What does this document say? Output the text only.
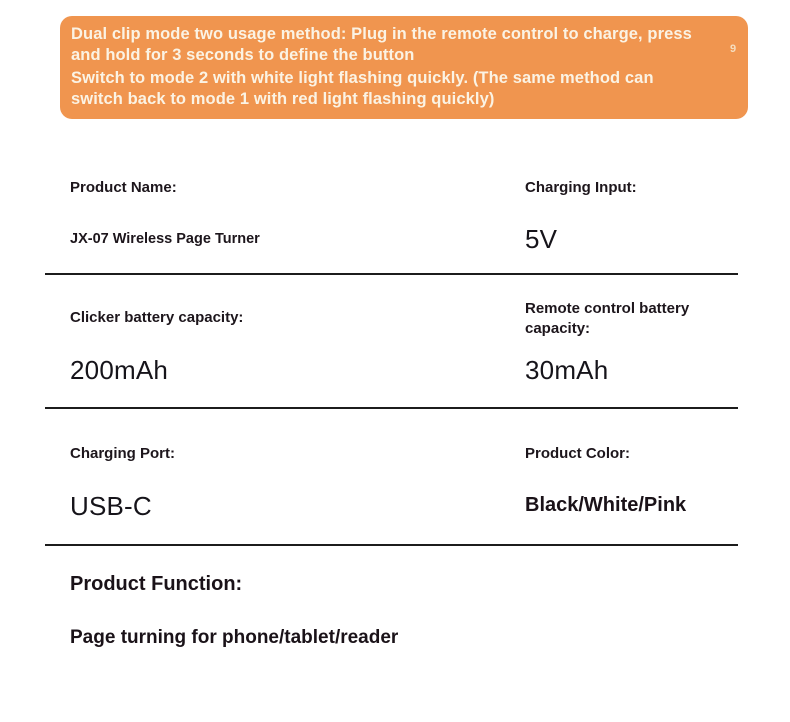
Dual clip mode two usage method: Plug in the remote control to charge, press
and hold for 3 seconds to define the button
Switch to mode 2 with white light flashing quickly. (The same method can
switch back to mode 1 with red light flashing quickly)
9
Product Name:
JX-07 Wireless Page Turner
Charging Input:
5V
Clicker battery capacity:
200mAh
Remote control battery capacity:
30mAh
Charging Port:
USB-C
Product Color:
Black/White/Pink
Product Function:
Page turning for phone/tablet/reader
